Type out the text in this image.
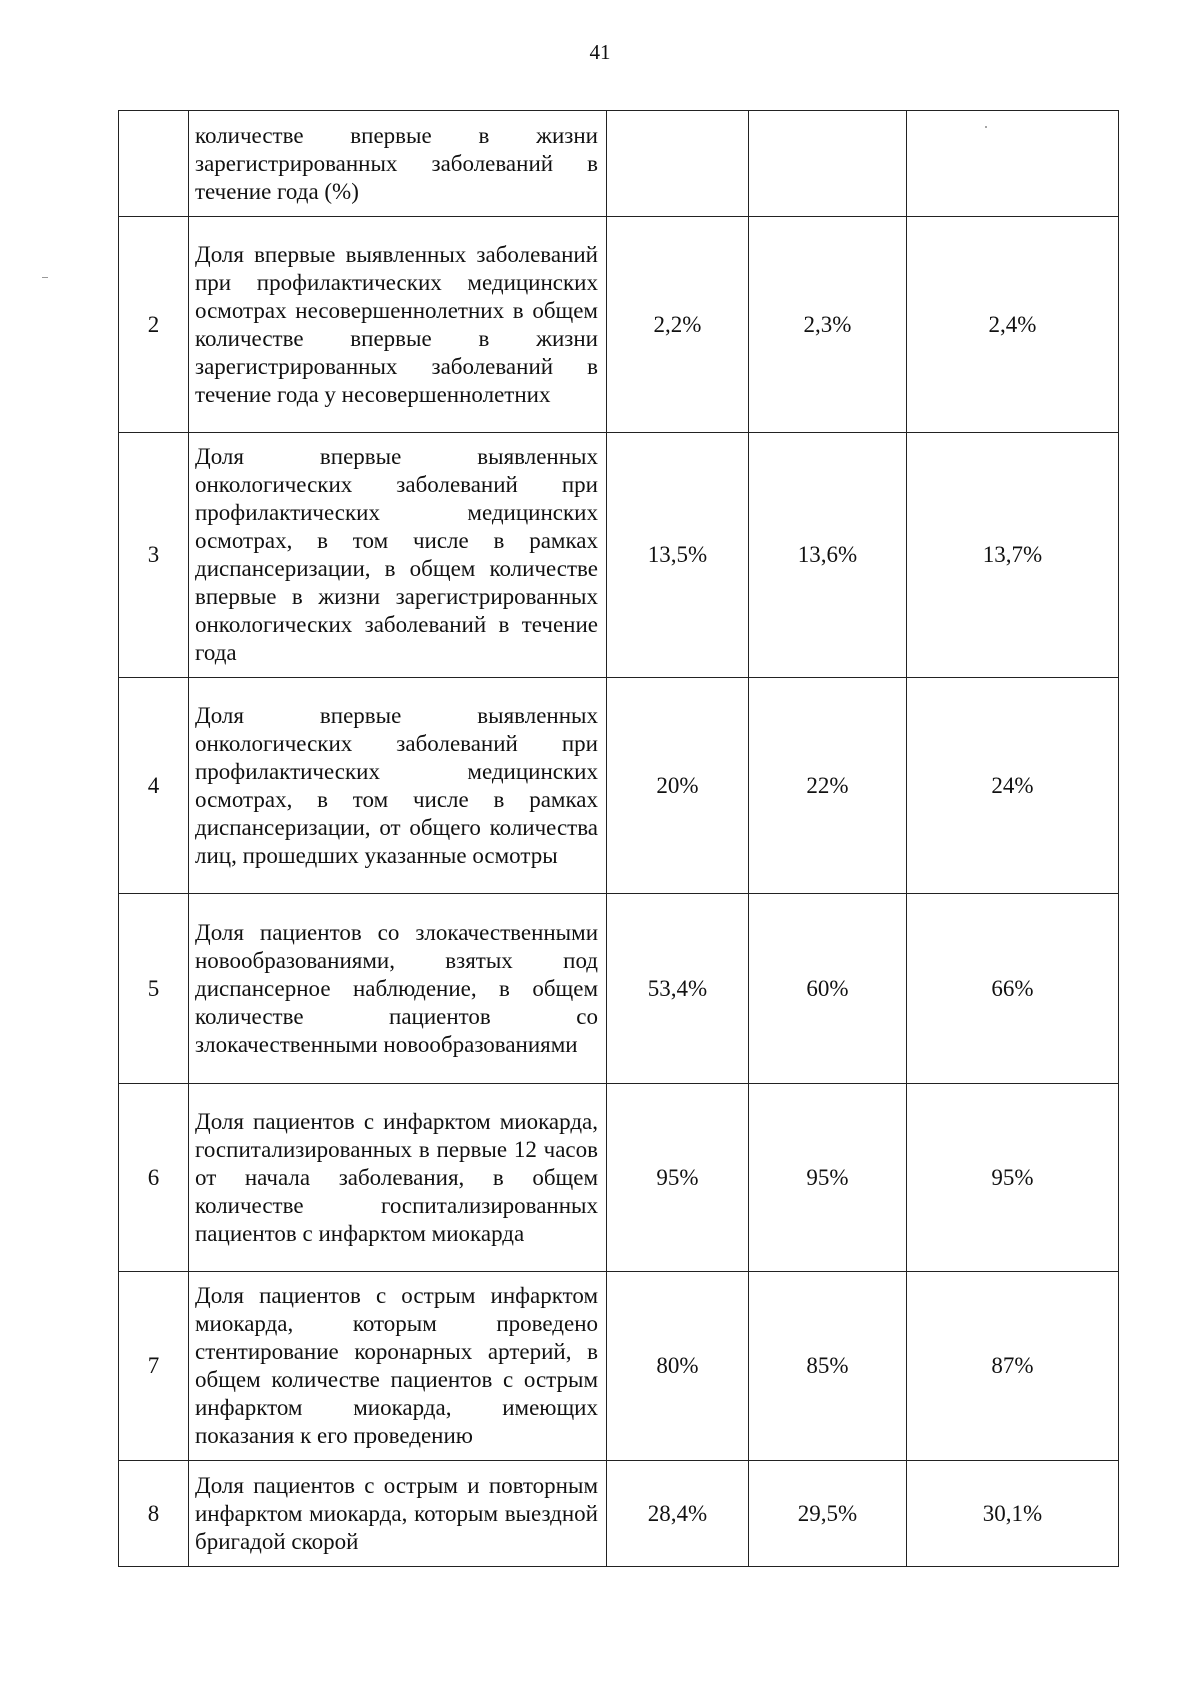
41
	количестве впервые в жизни зарегистрированных заболеваний в течение года (%)			
2	Доля впервые выявленных заболеваний при профилактических медицинских осмотрах несовершеннолетних в общем количестве впервые в жизни зарегистрированных заболеваний в течение года у несовершеннолетних	2,2%	2,3%	2,4%
3	Доля впервые выявленных онкологических заболеваний при профилактических медицинских осмотрах, в том числе в рамках диспансеризации, в общем количестве впервые в жизни зарегистрированных онкологических заболеваний в течение года	13,5%	13,6%	13,7%
4	Доля впервые выявленных онкологических заболеваний при профилактических медицинских осмотрах, в том числе в рамках диспансеризации, от общего количества лиц, прошедших указанные осмотры	20%	22%	24%
5	Доля пациентов со злокачественными новообразованиями, взятых под диспансерное наблюдение, в общем количестве пациентов со злокачественными новообразованиями	53,4%	60%	66%
6	Доля пациентов с инфарктом миокарда, госпитализированных в первые 12 часов от начала заболевания, в общем количестве госпитализированных пациентов с инфарктом миокарда	95%	95%	95%
7	Доля пациентов с острым инфарктом миокарда, которым проведено стентирование коронарных артерий, в общем количестве пациентов с острым инфарктом миокарда, имеющих показания к его проведению	80%	85%	87%
8	Доля пациентов с острым и повторным инфарктом миокарда, которым выездной бригадой скорой	28,4%	29,5%	30,1%
